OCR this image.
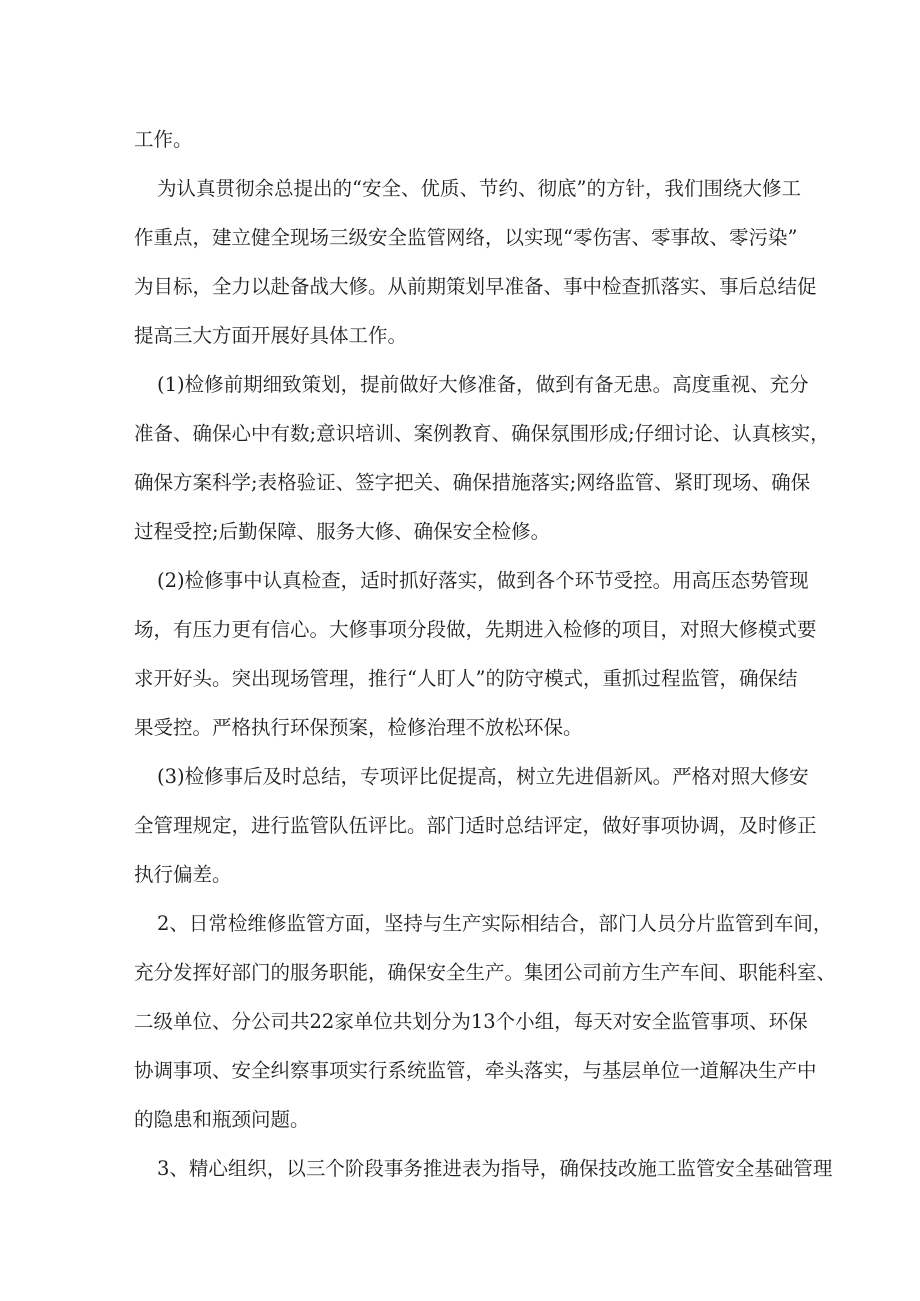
工作。
为认真贯彻余总提出的“安全、优质、节约、彻底”的方针，我们围绕大修工
作重点，建立健全现场三级安全监管网络，以实现“零伤害、零事故、零污染”
为目标，全力以赴备战大修。从前期策划早准备、事中检查抓落实、事后总结促
提高三大方面开展好具体工作。
(1)检修前期细致策划，提前做好大修准备，做到有备无患。高度重视、充分
准备、确保心中有数;意识培训、案例教育、确保氛围形成;仔细讨论、认真核实，
确保方案科学;表格验证、签字把关、确保措施落实;网络监管、紧盯现场、确保
过程受控;后勤保障、服务大修、确保安全检修。
(2)检修事中认真检查，适时抓好落实，做到各个环节受控。用高压态势管现
场，有压力更有信心。大修事项分段做，先期进入检修的项目，对照大修模式要
求开好头。突出现场管理，推行“人盯人”的防守模式，重抓过程监管，确保结
果受控。严格执行环保预案，检修治理不放松环保。
(3)检修事后及时总结，专项评比促提高，树立先进倡新风。严格对照大修安
全管理规定，进行监管队伍评比。部门适时总结评定，做好事项协调，及时修正
执行偏差。
2、日常检维修监管方面，坚持与生产实际相结合，部门人员分片监管到车间，
充分发挥好部门的服务职能，确保安全生产。集团公司前方生产车间、职能科室、
二级单位、分公司共22家单位共划分为13个小组，每天对安全监管事项、环保
协调事项、安全纠察事项实行系统监管，牵头落实，与基层单位一道解决生产中
的隐患和瓶颈问题。
3、精心组织，以三个阶段事务推进表为指导，确保技改施工监管安全基础管理
